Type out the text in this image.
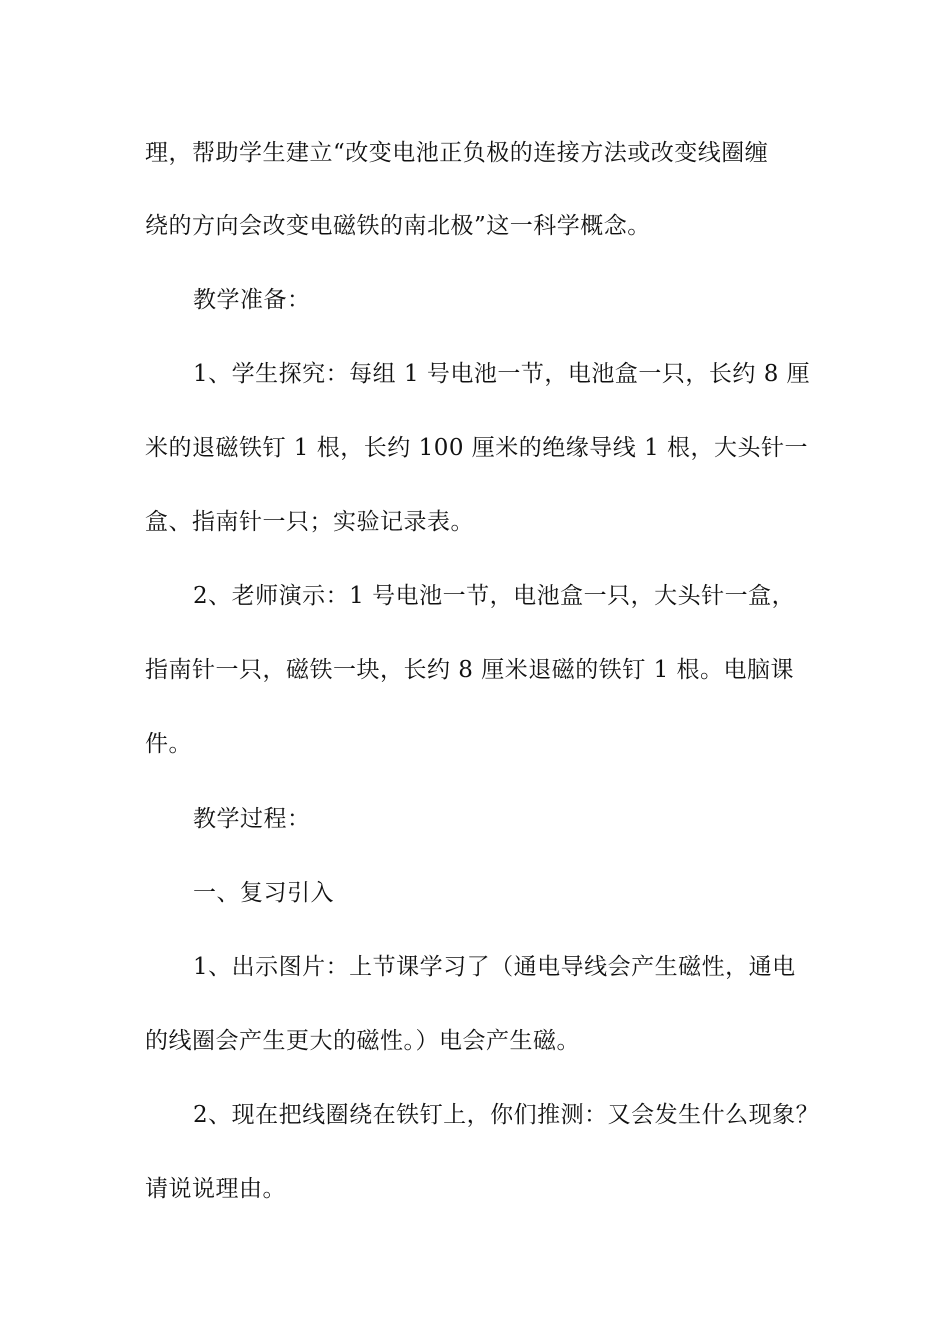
理，帮助学生建立“改变电池正负极的连接方法或改变线圈缠
绕的方向会改变电磁铁的南北极”这一科学概念。
教学准备：
1、学生探究：每组 1 号电池一节，电池盒一只，长约 8 厘
米的退磁铁钉 1 根，长约 100 厘米的绝缘导线 1 根，大头针一
盒、指南针一只；实验记录表。
2、老师演示：1 号电池一节，电池盒一只，大头针一盒，
指南针一只，磁铁一块，长约 8 厘米退磁的铁钉 1 根。电脑课
件。
教学过程：
一、复习引入
1、出示图片：上节课学习了（通电导线会产生磁性，通电
的线圈会产生更大的磁性。）电会产生磁。
2、现在把线圈绕在铁钉上，你们推测：又会发生什么现象？
请说说理由。
